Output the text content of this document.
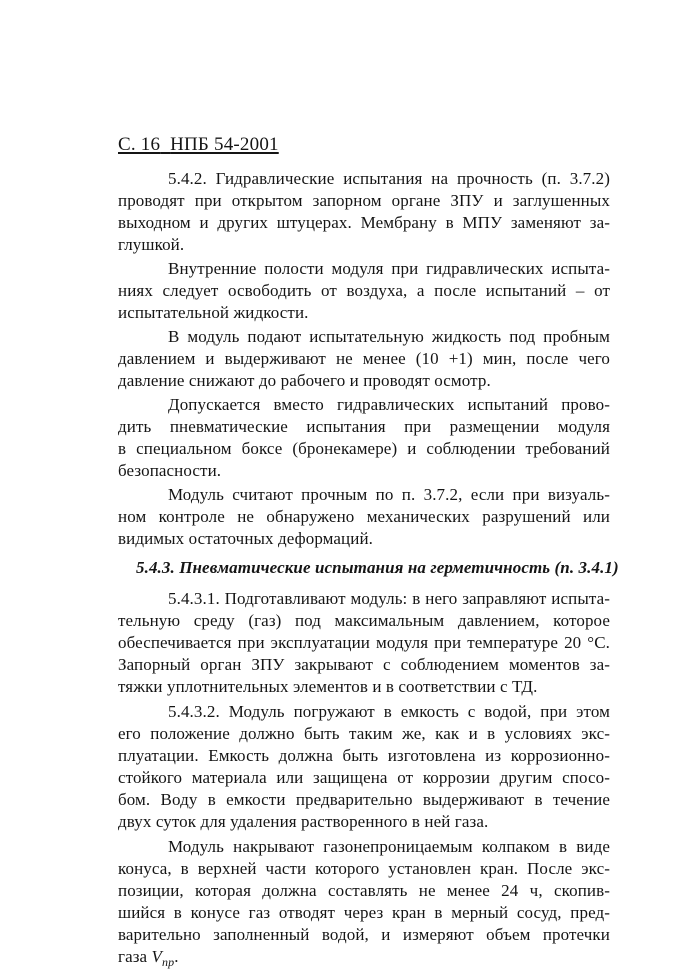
С. 16 НПБ 54-2001
5.4.2. Гидравлические испытания на прочность (п. 3.7.2)
проводят при открытом запорном органе ЗПУ и заглушенных
выходном и других штуцерах. Мембрану в МПУ заменяют за-
глушкой.
Внутренние полости модуля при гидравлических испыта-
ниях следует освободить от воздуха, а после испытаний – от
испытательной жидкости.
В модуль подают испытательную жидкость под пробным
давлением и выдерживают не менее (10 +1) мин, после чего
давление снижают до рабочего и проводят осмотр.
Допускается вместо гидравлических испытаний прово-
дить пневматические испытания при размещении модуля
в специальном боксе (бронекамере) и соблюдении требований
безопасности.
Модуль считают прочным по п. 3.7.2, если при визуаль-
ном контроле не обнаружено механических разрушений или
видимых остаточных деформаций.
5.4.3. Пневматические испытания на герметичность (п. 3.4.1)
5.4.3.1. Подготавливают модуль: в него заправляют испыта-
тельную среду (газ) под максимальным давлением, которое
обеспечивается при эксплуатации модуля при температуре 20 °С.
Запорный орган ЗПУ закрывают с соблюдением моментов за-
тяжки уплотнительных элементов и в соответствии с ТД.
5.4.3.2. Модуль погружают в емкость с водой, при этом
его положение должно быть таким же, как и в условиях экс-
плуатации. Емкость должна быть изготовлена из коррозионно-
стойкого материала или защищена от коррозии другим спосо-
бом. Воду в емкости предварительно выдерживают в течение
двух суток для удаления растворенного в ней газа.
Модуль накрывают газонепроницаемым колпаком в виде
конуса, в верхней части которого установлен кран. После экс-
позиции, которая должна составлять не менее 24 ч, скопив-
шийся в конусе газ отводят через кран в мерный сосуд, пред-
варительно заполненный водой, и измеряют объем протечки
газа $V_{пр}$.
